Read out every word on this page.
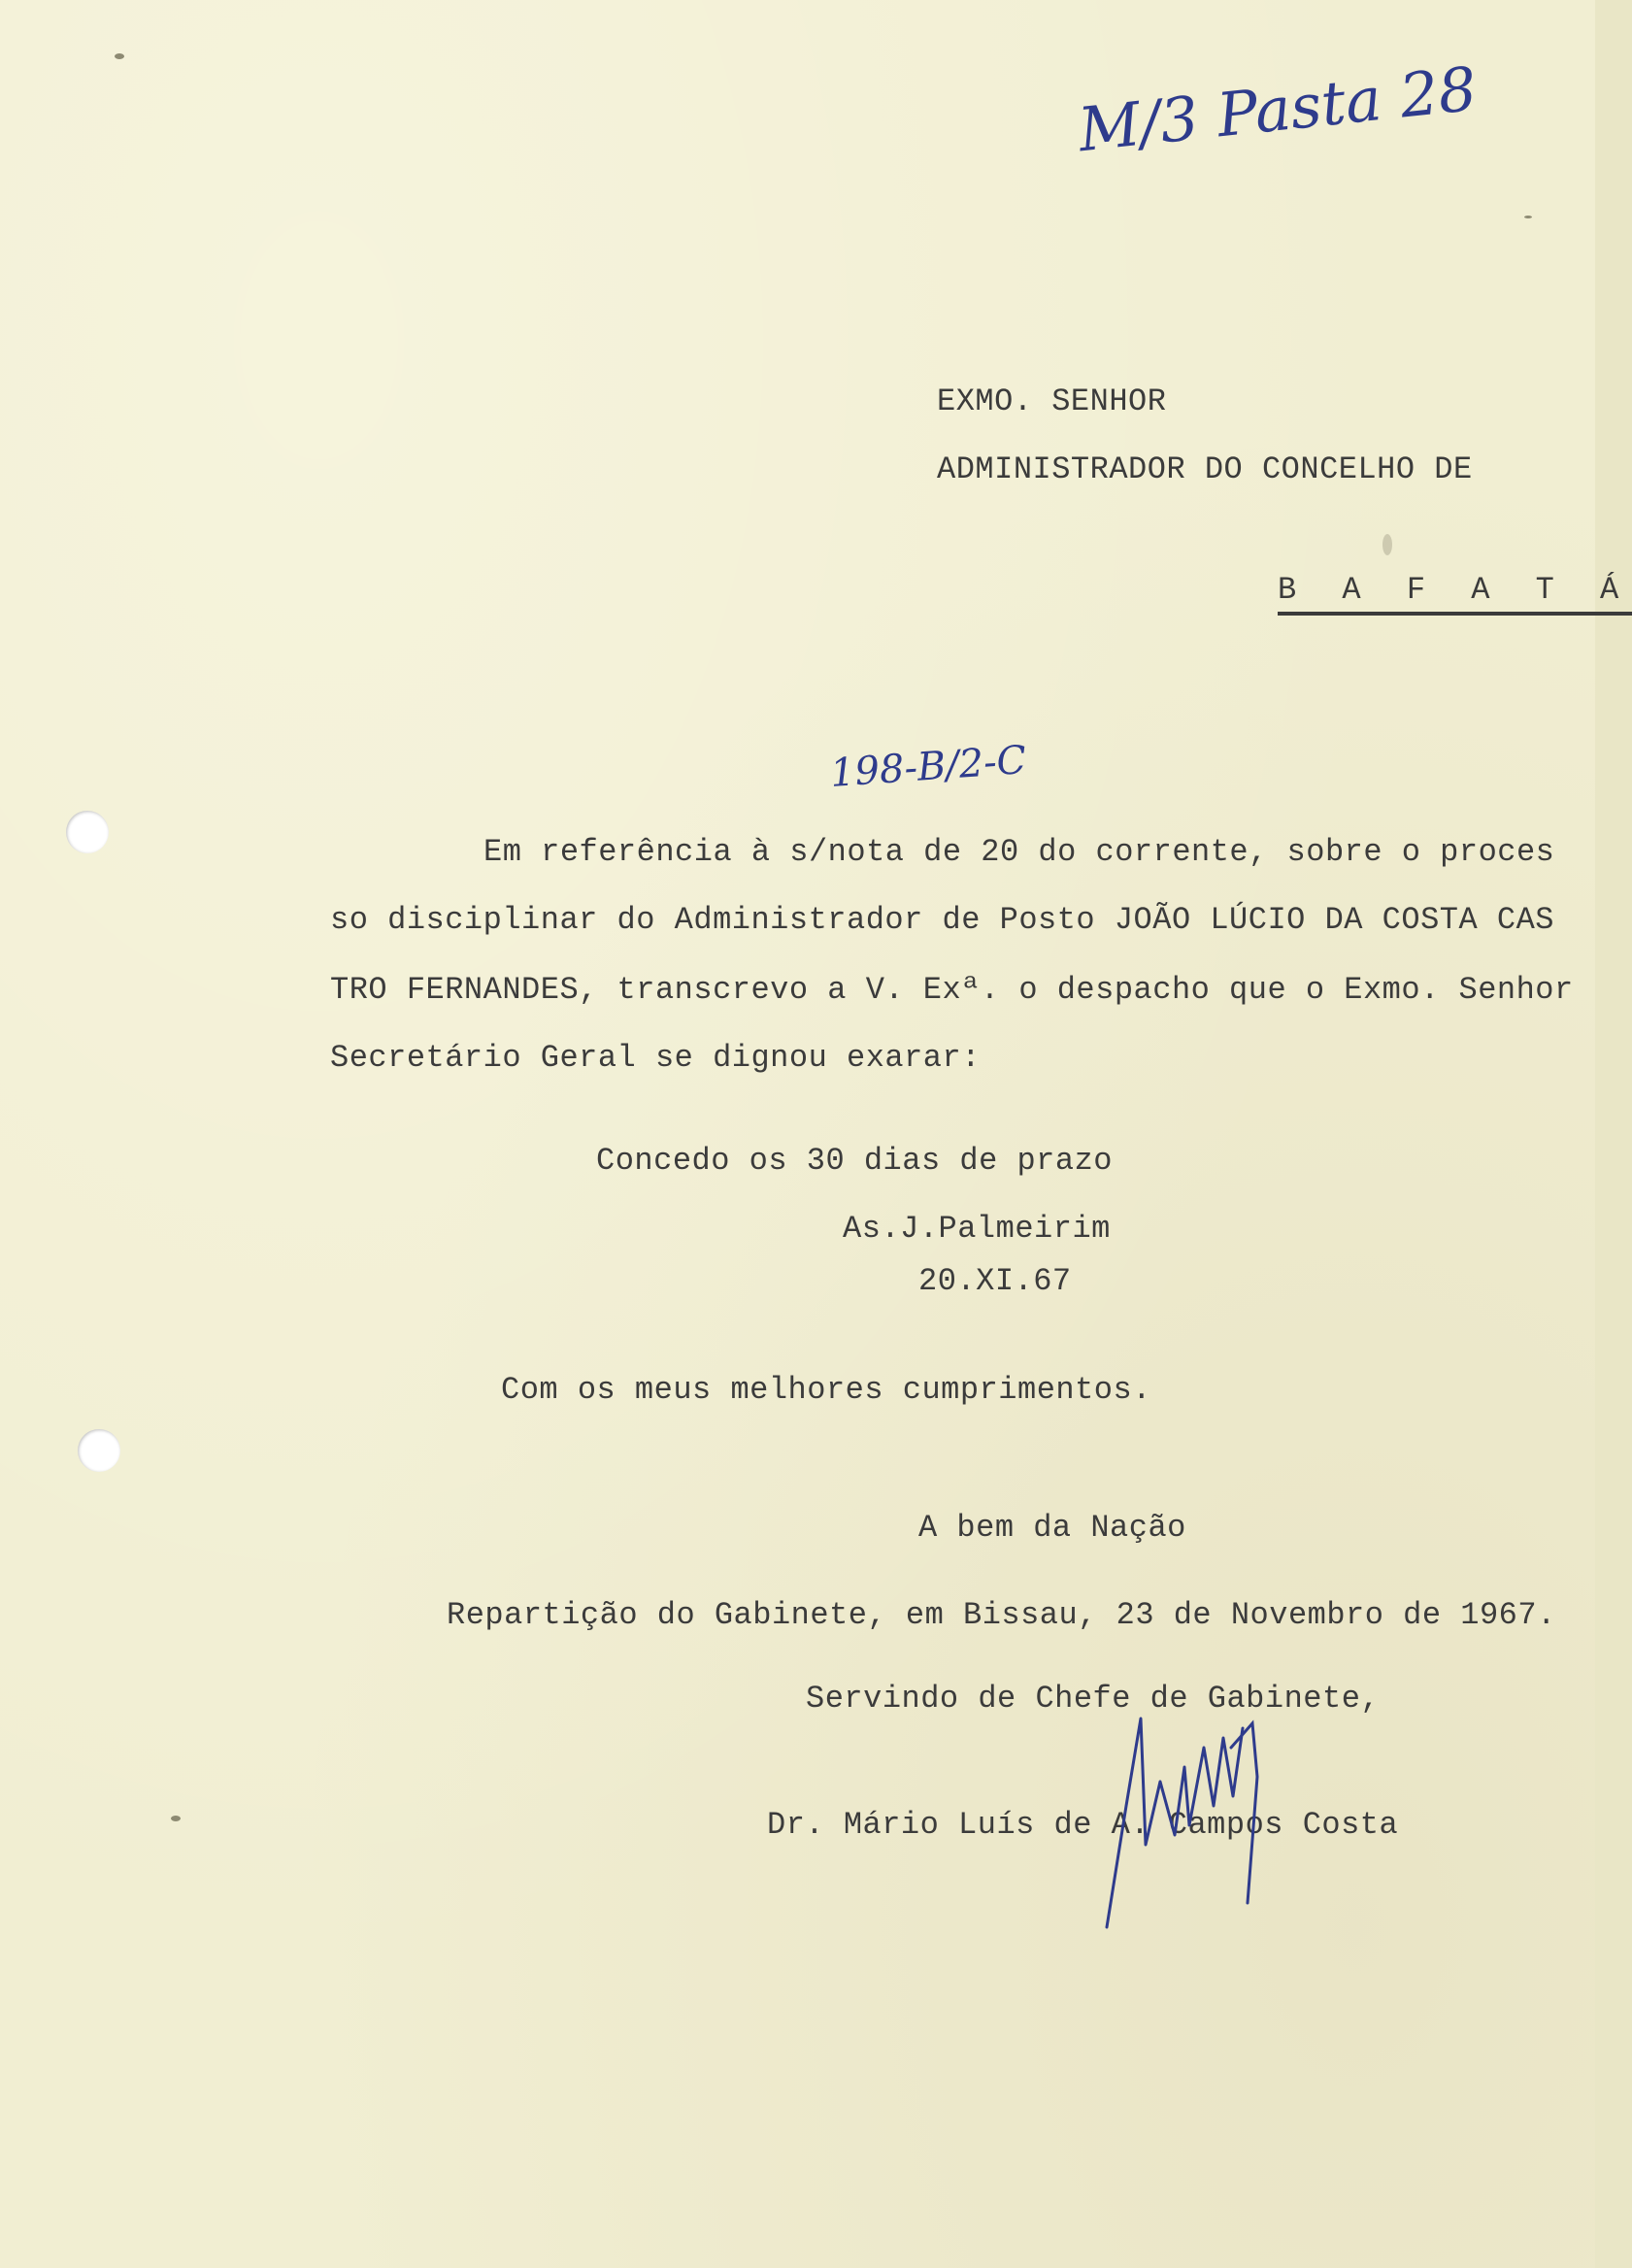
M/3 Pasta 28
198-B/2-C
EXMO. SENHOR
ADMINISTRADOR DO CONCELHO DE
B A F A T Á
Em referência à s/nota de 20 do corrente, sobre o proces
so disciplinar do Administrador de Posto JOÃO LÚCIO DA COSTA CAS
TRO FERNANDES, transcrevo a V. Exª. o despacho que o Exmo. Senhor
Secretário Geral se dignou exarar:
Concedo os 30 dias de prazo
As.J.Palmeirim
20.XI.67
Com os meus melhores cumprimentos.
A bem da Nação
Repartição do Gabinete, em Bissau, 23 de Novembro de 1967.
Servindo de Chefe de Gabinete,
Dr. Mário Luís de A. Campos Costa
